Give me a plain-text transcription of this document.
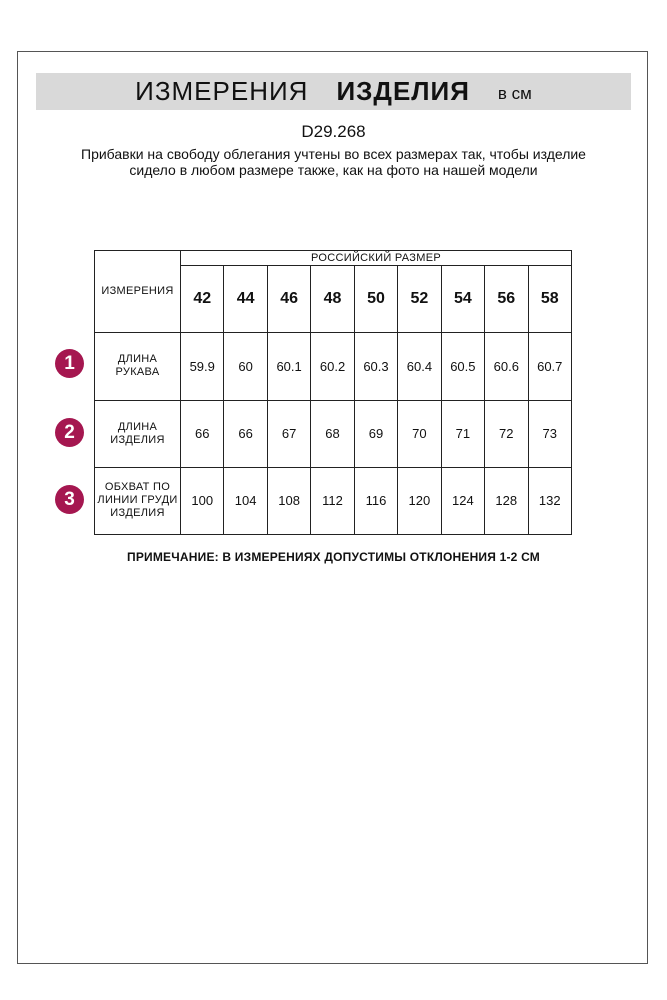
ИЗМЕРЕНИЯ ИЗДЕЛИЯ в см
D29.268
Прибавки на свободу облегания учтены во всех размерах так, чтобы изделие сидело в любом размере также, как на фото на нашей модели
ИЗМЕРЕНИЯ	РОССИЙСКИЙ РАЗМЕР								
	42	44	46	48	50	52	54	56	58

ДЛИНА
РУКАВА	59.9	60	60.1	60.2	60.3	60.4	60.5	60.6	60.7

ДЛИНА
ИЗДЕЛИЯ	66	66	67	68	69	70	71	72	73

ОБХВАТ ПО
ЛИНИИ ГРУДИ
ИЗДЕЛИЯ	100	104	108	112	116	120	124	128	132
1
2
3
ПРИМЕЧАНИЕ: В ИЗМЕРЕНИЯХ ДОПУСТИМЫ ОТКЛОНЕНИЯ 1-2 СМ
